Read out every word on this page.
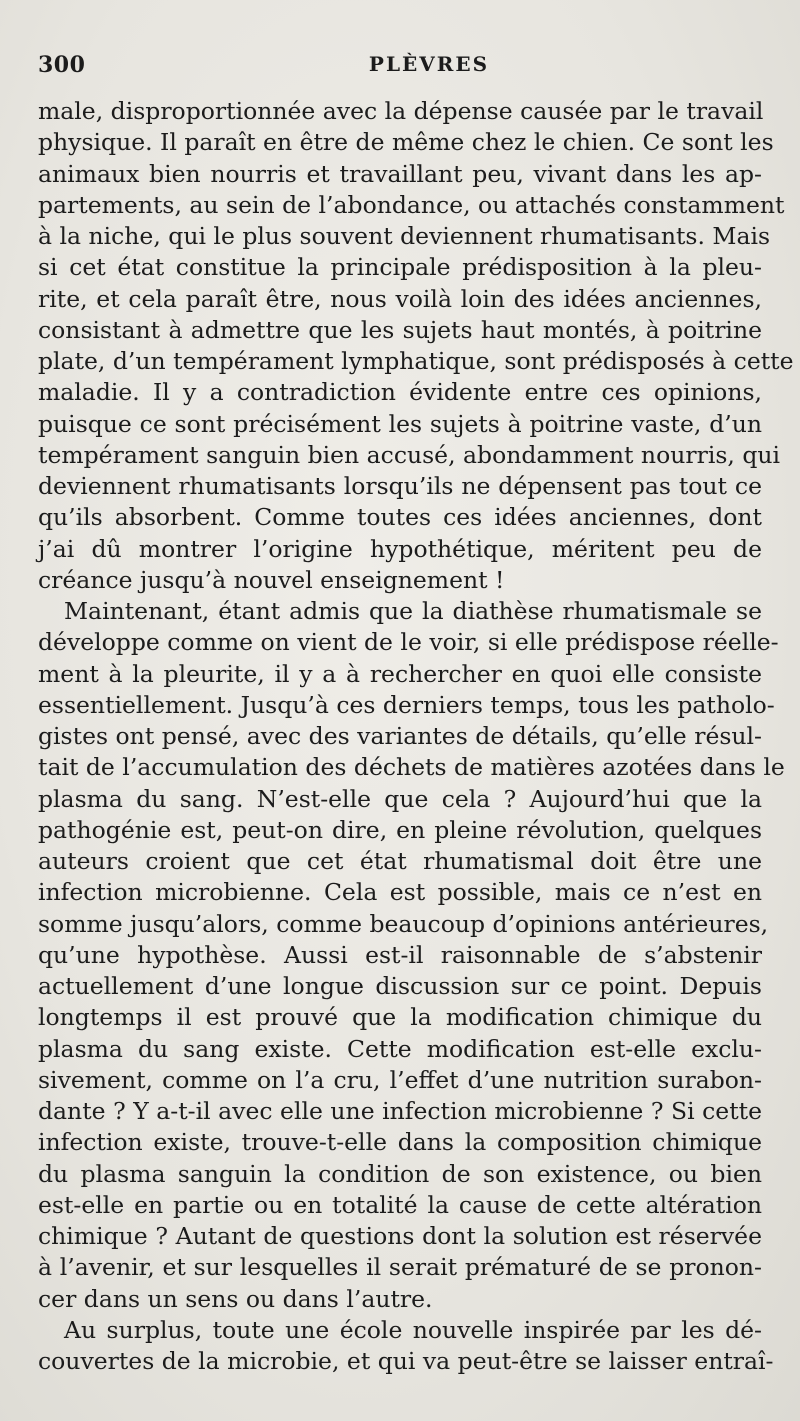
300	PLÈVRES
male, disproportionnée avec la dépense causée par le travail
physique. Il paraît en être de même chez le chien. Ce sont les
animaux bien nourris et travaillant peu, vivant dans les ap-
partements, au sein de l’abondance, ou attachés constamment
à la niche, qui le plus souvent deviennent rhumatisants. Mais
si cet état constitue la principale prédisposition à la pleu-
rite, et cela paraît être, nous voilà loin des idées anciennes,
consistant à admettre que les sujets haut montés, à poitrine
plate, d’un tempérament lymphatique, sont prédisposés à cette
maladie. Il y a contradiction évidente entre ces opinions,
puisque ce sont précisément les sujets à poitrine vaste, d’un
tempérament sanguin bien accusé, abondamment nourris, qui
deviennent rhumatisants lorsqu’ils ne dépensent pas tout ce
qu’ils absorbent. Comme toutes ces idées anciennes, dont
j’ai dû montrer l’origine hypothétique, méritent peu de
créance jusqu’à nouvel enseignement !
Maintenant, étant admis que la diathèse rhumatismale se
développe comme on vient de le voir, si elle prédispose réelle-
ment à la pleurite, il y a à rechercher en quoi elle consiste
essentiellement. Jusqu’à ces derniers temps, tous les patholo-
gistes ont pensé, avec des variantes de détails, qu’elle résul-
tait de l’accumulation des déchets de matières azotées dans le
plasma du sang. N’est-elle que cela ? Aujourd’hui que la
pathogénie est, peut-on dire, en pleine révolution, quelques
auteurs croient que cet état rhumatismal doit être une
infection microbienne. Cela est possible, mais ce n’est en
somme jusqu’alors, comme beaucoup d’opinions antérieures,
qu’une hypothèse. Aussi est-il raisonnable de s’abstenir
actuellement d’une longue discussion sur ce point. Depuis
longtemps il est prouvé que la modification chimique du
plasma du sang existe. Cette modification est-elle exclu-
sivement, comme on l’a cru, l’effet d’une nutrition surabon-
dante ? Y a-t-il avec elle une infection microbienne ? Si cette
infection existe, trouve-t-elle dans la composition chimique
du plasma sanguin la condition de son existence, ou bien
est-elle en partie ou en totalité la cause de cette altération
chimique ? Autant de questions dont la solution est réservée
à l’avenir, et sur lesquelles il serait prématuré de se pronon-
cer dans un sens ou dans l’autre.
Au surplus, toute une école nouvelle inspirée par les dé-
couvertes de la microbie, et qui va peut-être se laisser entraî-
